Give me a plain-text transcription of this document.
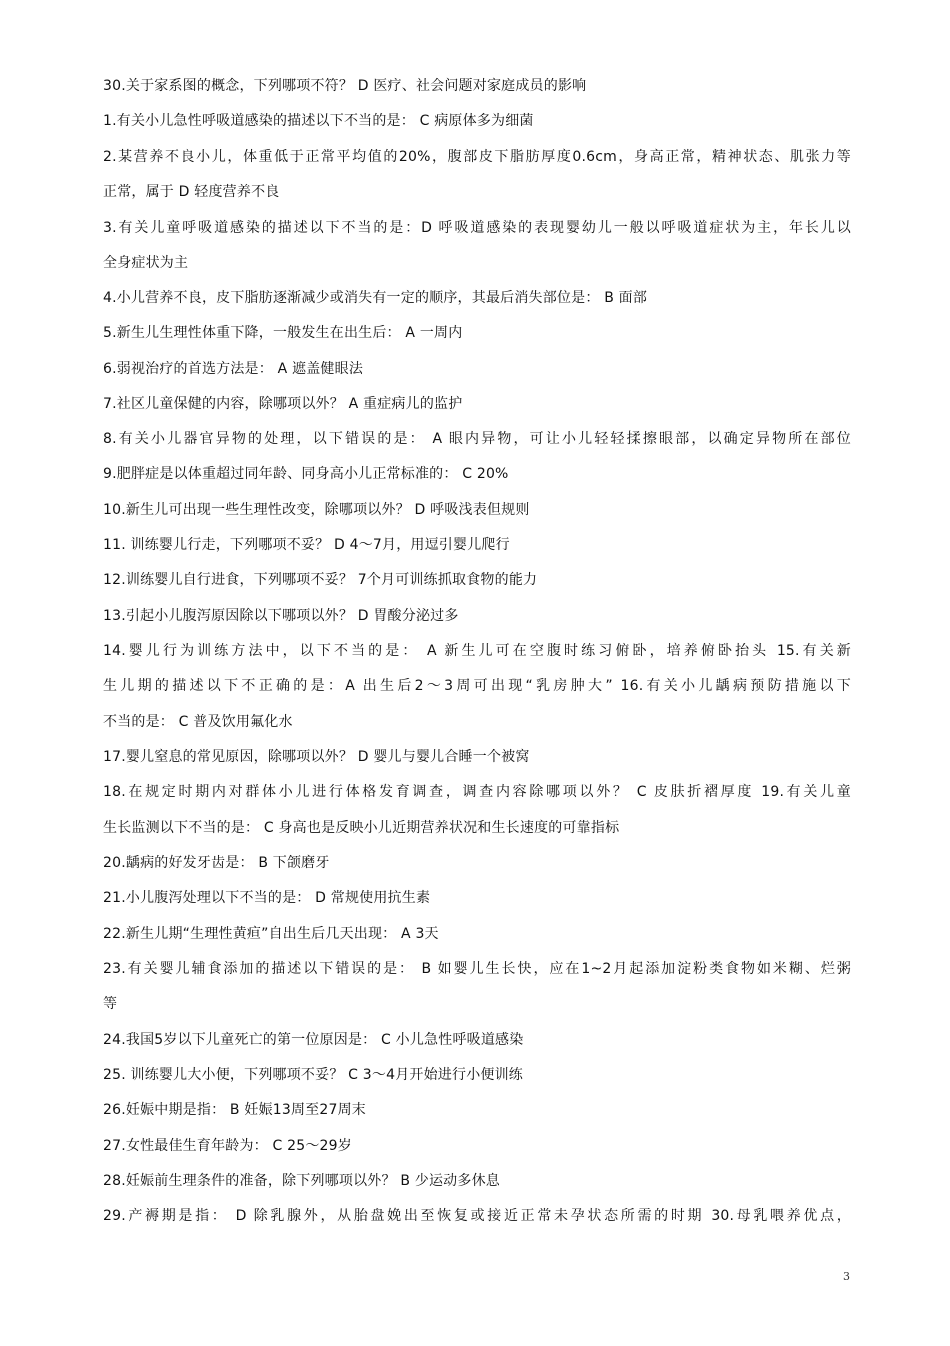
30.关于家系图的概念，下列哪项不符？ D 医疗、社会问题对家庭成员的影响
1.有关小儿急性呼吸道感染的描述以下不当的是： C 病原体多为细菌
2.某营养不良小儿，体重低于正常平均值的20%，腹部皮下脂肪厚度0.6cm，身高正常，精神状态、肌张力等
正常，属于 D 轻度营养不良
3.有关儿童呼吸道感染的描述以下不当的是：D 呼吸道感染的表现婴幼儿一般以呼吸道症状为主，年长儿以
全身症状为主
4.小儿营养不良，皮下脂肪逐渐减少或消失有一定的顺序，其最后消失部位是： B 面部
5.新生儿生理性体重下降，一般发生在出生后： A 一周内
6.弱视治疗的首选方法是： A 遮盖健眼法
7.社区儿童保健的内容，除哪项以外？ A 重症病儿的监护
8.有关小儿器官异物的处理，以下错误的是： A 眼内异物，可让小儿轻轻揉擦眼部，以确定异物所在部位
9.肥胖症是以体重超过同年龄、同身高小儿正常标准的： C 20%
10.新生儿可出现一些生理性改变，除哪项以外？ D 呼吸浅表但规则
11. 训练婴儿行走，下列哪项不妥？ D 4～7月，用逗引婴儿爬行
12.训练婴儿自行进食，下列哪项不妥？ 7个月可训练抓取食物的能力
13.引起小儿腹泻原因除以下哪项以外？ D 胃酸分泌过多
14.婴儿行为训练方法中，以下不当的是： A 新生儿可在空腹时练习俯卧，培养俯卧抬头 15.有关新
生儿期的描述以下不正确的是：A 出生后2～3周可出现“乳房肿大” 16.有关小儿龋病预防措施以下
不当的是： C 普及饮用氟化水
17.婴儿窒息的常见原因，除哪项以外？ D 婴儿与婴儿合睡一个被窝
18.在规定时期内对群体小儿进行体格发育调查，调查内容除哪项以外？ C 皮肤折褶厚度 19.有关儿童
生长监测以下不当的是： C 身高也是反映小儿近期营养状况和生长速度的可靠指标
20.龋病的好发牙齿是： B 下颌磨牙
21.小儿腹泻处理以下不当的是： D 常规使用抗生素
22.新生儿期“生理性黄疸”自出生后几天出现： A 3天
23.有关婴儿辅食添加的描述以下错误的是： B 如婴儿生长快，应在1~2月起添加淀粉类食物如米糊、烂粥
等
24.我国5岁以下儿童死亡的第一位原因是： C 小儿急性呼吸道感染
25. 训练婴儿大小便，下列哪项不妥？ C 3～4月开始进行小便训练
26.妊娠中期是指： B 妊娠13周至27周末
27.女性最佳生育年龄为： C 25～29岁
28.妊娠前生理条件的准备，除下列哪项以外？ B 少运动多休息
29.产褥期是指： D 除乳腺外，从胎盘娩出至恢复或接近正常未孕状态所需的时期 30.母乳喂养优点，
3
